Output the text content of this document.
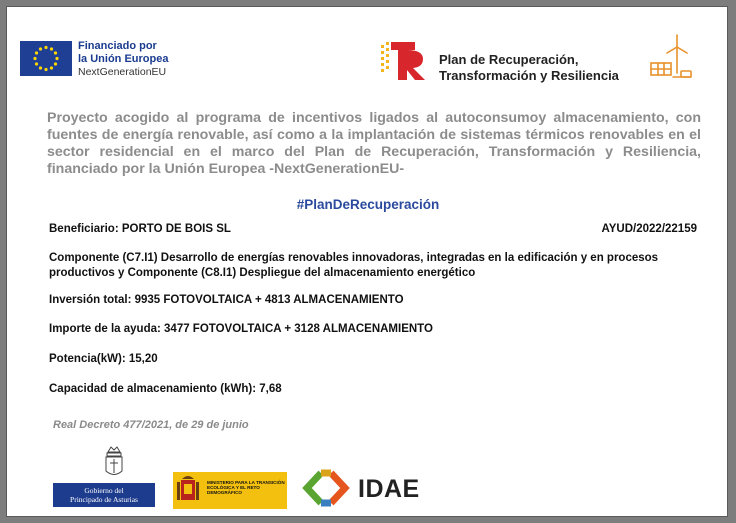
Financiado por
la Unión Europea
NextGenerationEU
Plan de Recuperación,
Transformación y Resiliencia
Proyecto acogido al programa de incentivos ligados al autoconsumoy almacenamiento, con fuentes de energía renovable, así como a la implantación de sistemas térmicos renovables en el sector residencial en el marco del Plan de Recuperación, Transformación y Resiliencia, financiado por la Unión Europea -NextGenerationEU-
#PlanDeRecuperación
Beneficiario: PORTO DE BOIS SL	AYUD/2022/22159
Componente (C7.I1) Desarrollo de energías renovables innovadoras, integradas en la edificación y en procesos productivos y Componente (C8.I1) Despliegue del almacenamiento energético
Inversión total: 9935 FOTOVOLTAICA + 4813 ALMACENAMIENTO
Importe de la ayuda: 3477 FOTOVOLTAICA + 3128 ALMACENAMIENTO
Potencia(kW): 15,20
Capacidad de almacenamiento (kWh): 7,68
Real Decreto 477/2021, de 29 de junio
Gobierno del
Principado de Asturias
MINISTERIO PARA LA TRANSICIÓN ECOLÓGICA Y EL RETO DEMOGRÁFICO	IDAE
